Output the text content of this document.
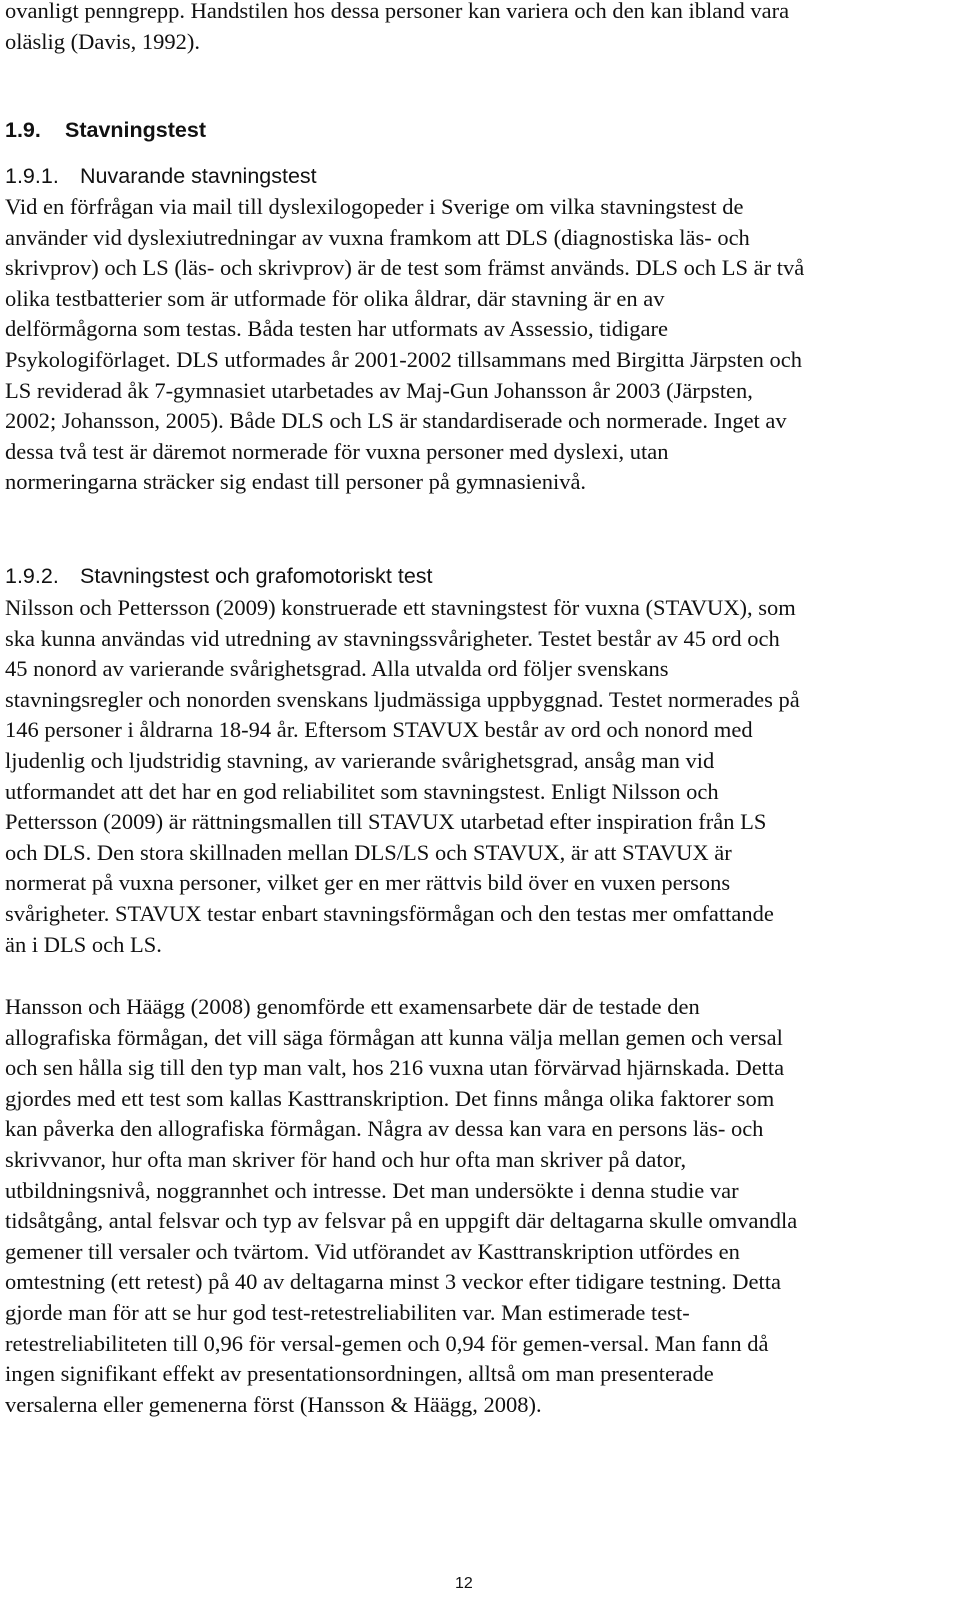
ovanligt penngrepp. Handstilen hos dessa personer kan variera och den kan ibland vara
oläslig (Davis, 1992).
1.9. Stavningstest
1.9.1. Nuvarande stavningstest
Vid en förfrågan via mail till dyslexilogopeder i Sverige om vilka stavningstest de
använder vid dyslexiutredningar av vuxna framkom att DLS (diagnostiska läs- och
skrivprov) och LS (läs- och skrivprov) är de test som främst används. DLS och LS är två
olika testbatterier som är utformade för olika åldrar, där stavning är en av
delförmågorna som testas. Båda testen har utformats av Assessio, tidigare
Psykologiförlaget. DLS utformades år 2001-2002 tillsammans med Birgitta Järpsten och
LS reviderad åk 7-gymnasiet utarbetades av Maj-Gun Johansson år 2003 (Järpsten,
2002; Johansson, 2005). Både DLS och LS är standardiserade och normerade. Inget av
dessa två test är däremot normerade för vuxna personer med dyslexi, utan
normeringarna sträcker sig endast till personer på gymnasienivå.
1.9.2. Stavningstest och grafomotoriskt test
Nilsson och Pettersson (2009) konstruerade ett stavningstest för vuxna (STAVUX), som
ska kunna användas vid utredning av stavningssvårigheter. Testet består av 45 ord och
45 nonord av varierande svårighetsgrad. Alla utvalda ord följer svenskans
stavningsregler och nonorden svenskans ljudmässiga uppbyggnad. Testet normerades på
146 personer i åldrarna 18-94 år. Eftersom STAVUX består av ord och nonord med
ljudenlig och ljudstridig stavning, av varierande svårighetsgrad, ansåg man vid
utformandet att det har en god reliabilitet som stavningstest. Enligt Nilsson och
Pettersson (2009) är rättningsmallen till STAVUX utarbetad efter inspiration från LS
och DLS. Den stora skillnaden mellan DLS/LS och STAVUX, är att STAVUX är
normerat på vuxna personer, vilket ger en mer rättvis bild över en vuxen persons
svårigheter. STAVUX testar enbart stavningsförmågan och den testas mer omfattande
än i DLS och LS.
Hansson och Häägg (2008) genomförde ett examensarbete där de testade den
allografiska förmågan, det vill säga förmågan att kunna välja mellan gemen och versal
och sen hålla sig till den typ man valt, hos 216 vuxna utan förvärvad hjärnskada. Detta
gjordes med ett test som kallas Kasttranskription. Det finns många olika faktorer som
kan påverka den allografiska förmågan. Några av dessa kan vara en persons läs- och
skrivvanor, hur ofta man skriver för hand och hur ofta man skriver på dator,
utbildningsnivå, noggrannhet och intresse. Det man undersökte i denna studie var
tidsåtgång, antal felsvar och typ av felsvar på en uppgift där deltagarna skulle omvandla
gemener till versaler och tvärtom. Vid utförandet av Kasttranskription utfördes en
omtestning (ett retest) på 40 av deltagarna minst 3 veckor efter tidigare testning. Detta
gjorde man för att se hur god test-retestreliabiliten var. Man estimerade test-
retestreliabiliteten till 0,96 för versal-gemen och 0,94 för gemen-versal. Man fann då
ingen signifikant effekt av presentationsordningen, alltså om man presenterade
versalerna eller gemenerna först (Hansson & Häägg, 2008).
12
